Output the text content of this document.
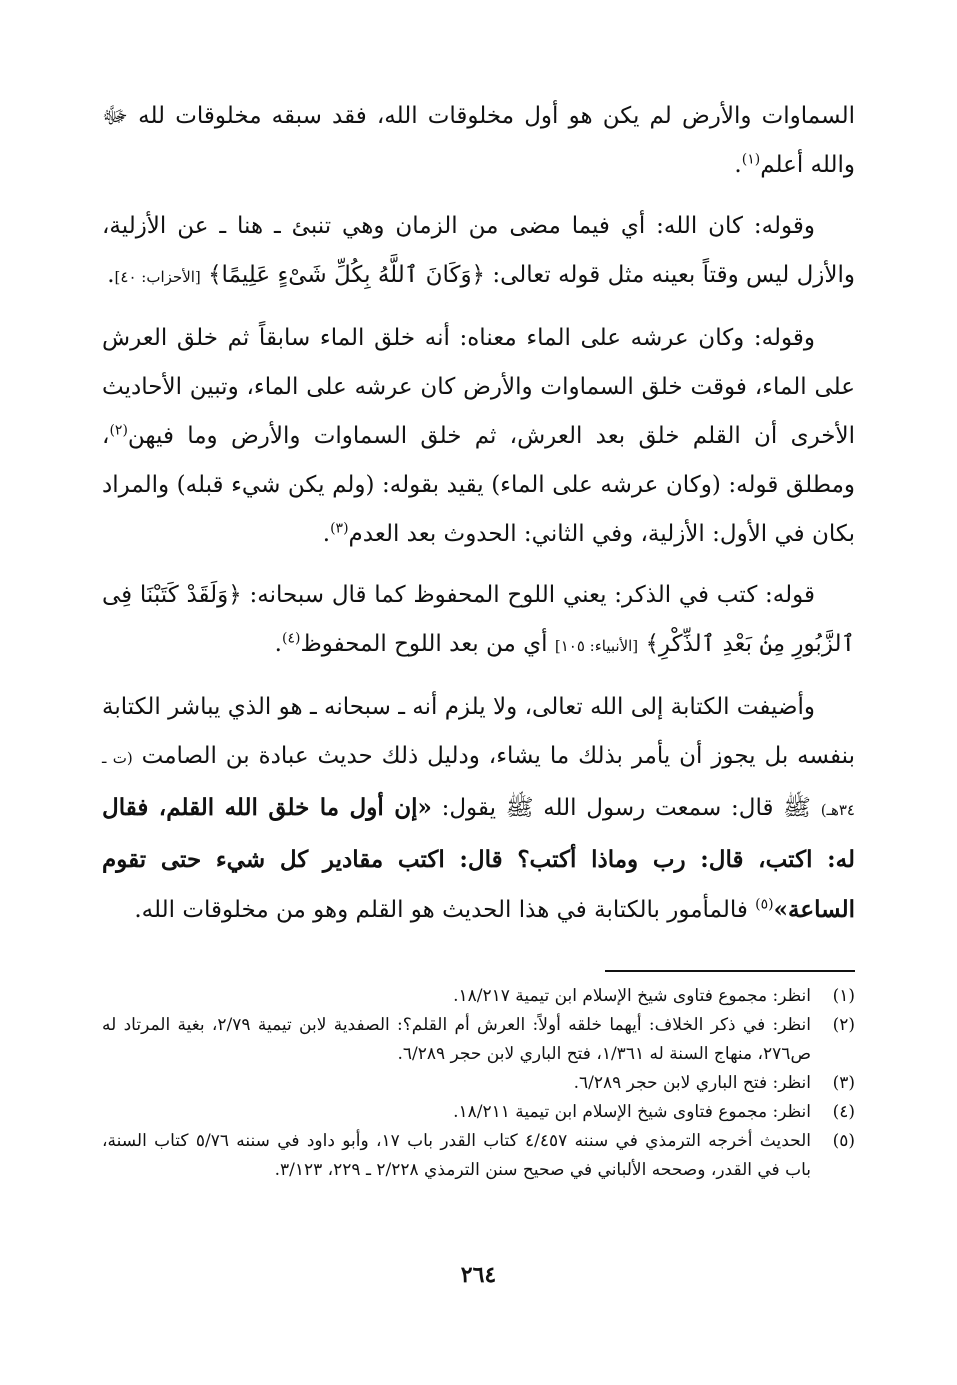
السماوات والأرض لم يكن هو أول مخلوقات الله، فقد سبقه مخلوقات لله ﷻ والله أعلم$^{(١)}$.

وقوله: كان الله: أي فيما مضى من الزمان وهي تنبئ ـ هنا ـ عن الأزلية، والأزل ليس وقتاً بعينه مثل قوله تعالى: ﴿وَكَانَ ٱللَّهُ بِكُلِّ شَىْءٍ عَلِيمًا﴾ [الأحزاب: ٤٠].

وقوله: وكان عرشه على الماء معناه: أنه خلق الماء سابقاً ثم خلق العرش على الماء، فوقت خلق السماوات والأرض كان عرشه على الماء، وتبين الأحاديث الأخرى أن القلم خلق بعد العرش، ثم خلق السماوات والأرض وما فيهن$^{(٢)}$، ومطلق قوله: (وكان عرشه على الماء) يقيد بقوله: (ولم يكن شيء قبله) والمراد بكان في الأول: الأزلية، وفي الثاني: الحدوث بعد العدم$^{(٣)}$.

قوله: كتب في الذكر: يعني اللوح المحفوظ كما قال سبحانه: ﴿وَلَقَدْ كَتَبْنَا فِى ٱلزَّبُورِ مِنۢ بَعْدِ ٱلذِّكْرِ﴾ [الأنبياء: ١٠٥] أي من بعد اللوح المحفوظ$^{(٤)}$.

وأضيفت الكتابة إلى الله تعالى، ولا يلزم أنه ـ سبحانه ـ هو الذي يباشر الكتابة بنفسه بل يجوز أن يأمر بذلك ما يشاء، ودليل ذلك حديث عبادة بن الصامت (ت ـ ٣٤هـ) ﷺ قال: سمعت رسول الله ﷺ يقول: «إن أول ما خلق الله القلم، فقال له: اكتب، قال: رب وماذا أكتب؟ قال: اكتب مقادير كل شيء حتى تقوم الساعة»$^{(٥)}$ فالمأمور بالكتابة في هذا الحديث هو القلم وهو من مخلوقات الله.

(١)
انظر: مجموع فتاوى شيخ الإسلام ابن تيمية ١٨/٢١٧.
(٢)
انظر: في ذكر الخلاف: أيهما خلقه أولاً: العرش أم القلم؟: الصفدية لابن تيمية ٢/٧٩، بغية المرتاد له ص٢٧٦، منهاج السنة له ١/٣٦١، فتح الباري لابن حجر ٦/٢٨٩.
(٣)
انظر: فتح الباري لابن حجر ٦/٢٨٩.
(٤)
انظر: مجموع فتاوى شيخ الإسلام ابن تيمية ١٨/٢١١.
(٥)
الحديث أخرجه الترمذي في سننه ٤/٤٥٧ كتاب القدر باب ١٧، وأبو داود في سننه ٥/٧٦ كتاب السنة، باب في القدر، وصححه الألباني في صحيح سنن الترمذي ٢/٢٢٨ ـ ٢٢٩، ٣/١٢٣.
٢٦٤
